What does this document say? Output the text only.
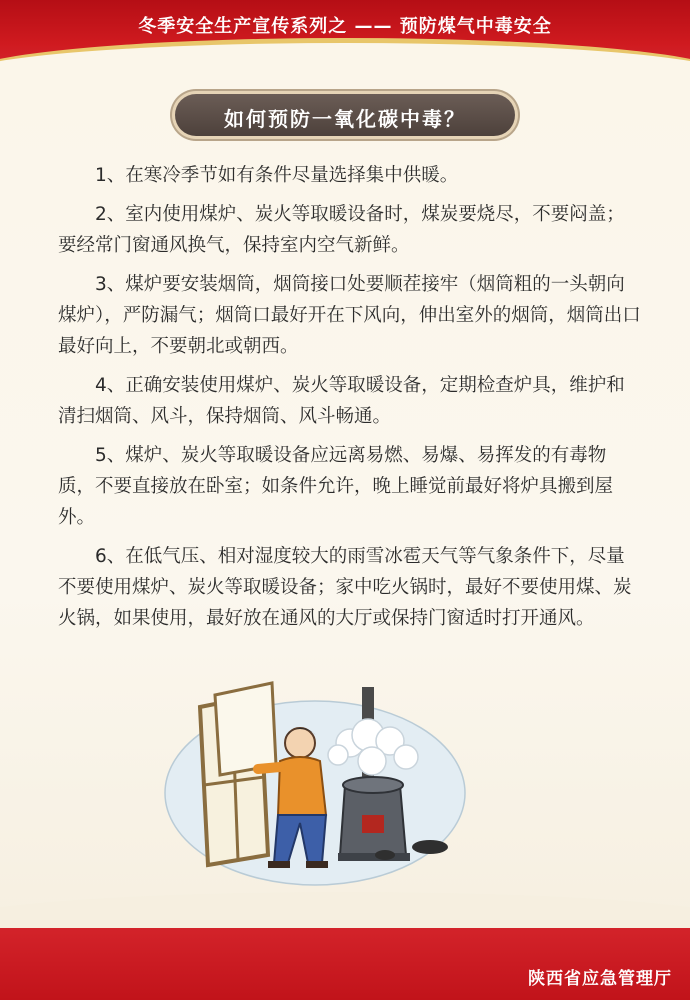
冬季安全生产宣传系列之 —— 预防煤气中毒安全
如何预防一氧化碳中毒？

1、在寒冷季节如有条件尽量选择集中供暖。

2、室内使用煤炉、炭火等取暖设备时，煤炭要烧尽，不要闷盖；要经常门窗通风换气，保持室内空气新鲜。

3、煤炉要安装烟筒，烟筒接口处要顺茬接牢（烟筒粗的一头朝向煤炉），严防漏气；烟筒口最好开在下风向，伸出室外的烟筒，烟筒出口最好向上，不要朝北或朝西。

4、正确安装使用煤炉、炭火等取暖设备，定期检查炉具，维护和清扫烟筒、风斗，保持烟筒、风斗畅通。

5、煤炉、炭火等取暖设备应远离易燃、易爆、易挥发的有毒物质，不要直接放在卧室；如条件允许，晚上睡觉前最好将炉具搬到屋外。

6、在低气压、相对湿度较大的雨雪冰雹天气等气象条件下，尽量不要使用煤炉、炭火等取暖设备；家中吃火锅时，最好不要使用煤、炭火锅，如果使用，最好放在通风的大厅或保持门窗适时打开通风。

陕西省应急管理厅
